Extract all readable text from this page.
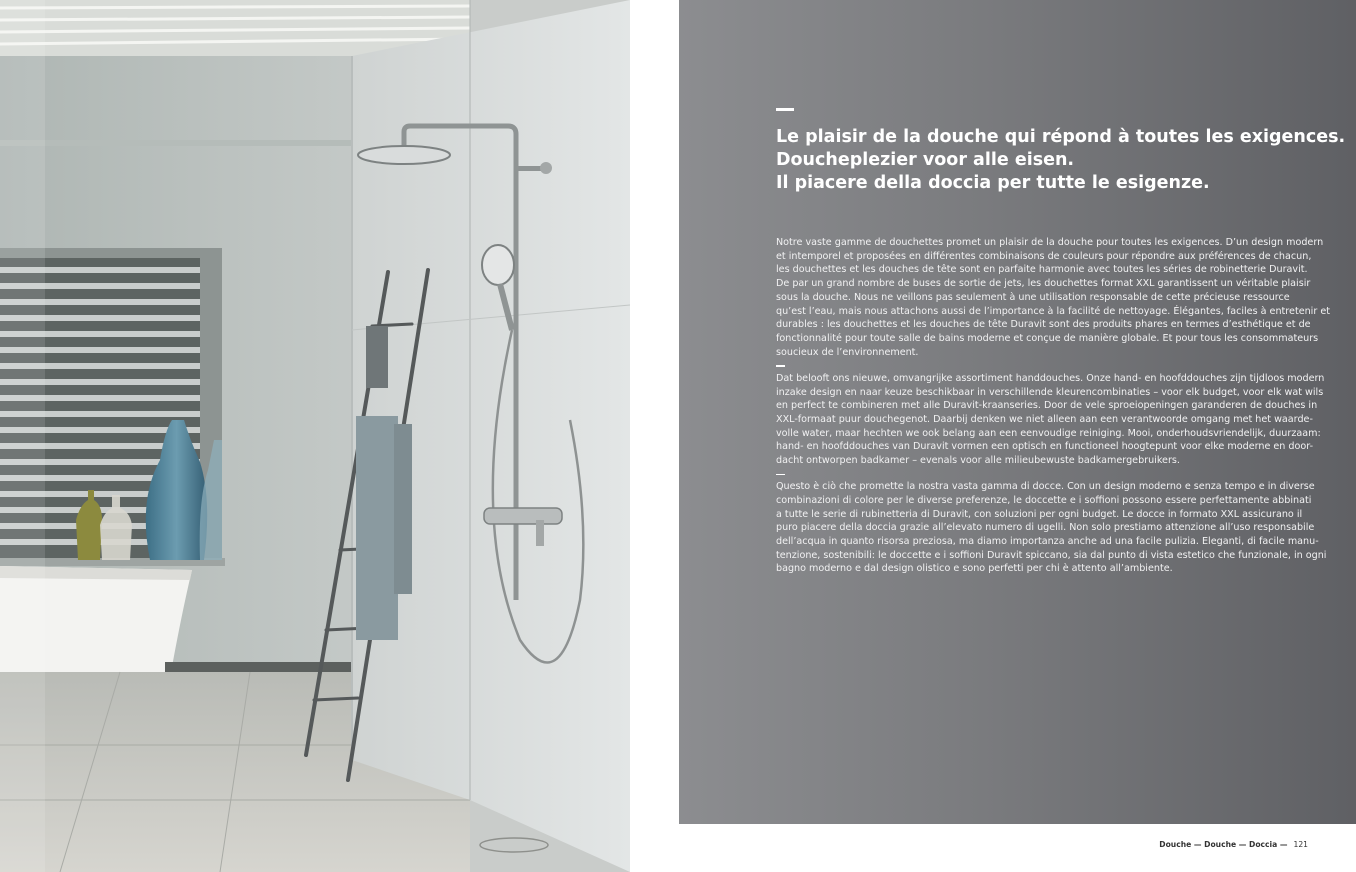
Le plaisir de la douche qui répond à toutes les exigences.
Doucheplezier voor alle eisen.
Il piacere della doccia per tutte le esigenze.
Notre vaste gamme de douchettes promet un plaisir de la douche pour toutes les exigences. D’un design modern
et intemporel et proposées en différentes combinaisons de couleurs pour répondre aux préférences de chacun,
les douchettes et les douches de tête sont en parfaite harmonie avec toutes les séries de robinetterie Duravit.
De par un grand nombre de buses de sortie de jets, les douchettes format XXL garantissent un véritable plaisir
sous la douche. Nous ne veillons pas seulement à une utilisation responsable de cette précieuse ressource
qu’est l’eau, mais nous attachons aussi de l’importance à la facilité de nettoyage. Élégantes, faciles à entretenir et
durables : les douchettes et les douches de tête Duravit sont des produits phares en termes d’esthétique et de
fonctionnalité pour toute salle de bains moderne et conçue de manière globale. Et pour tous les consommateurs
soucieux de l’environnement.
Dat belooft ons nieuwe, omvangrijke assortiment handdouches. Onze hand- en hoofddouches zijn tijdloos modern
inzake design en naar keuze beschikbaar in verschillende kleurencombinaties – voor elk budget, voor elk wat wils
en perfect te combineren met alle Duravit-kraanseries. Door de vele sproeiopeningen garanderen de douches in
XXL-formaat puur douchegenot. Daarbij denken we niet alleen aan een verantwoorde omgang met het waarde-
volle water, maar hechten we ook belang aan een eenvoudige reiniging. Mooi, onderhoudsvriendelijk, duurzaam:
hand- en hoofddouches van Duravit vormen een optisch en functioneel hoogtepunt voor elke moderne en door-
dacht ontworpen badkamer – evenals voor alle milieubewuste badkamergebruikers.
Questo è ciò che promette la nostra vasta gamma di docce. Con un design moderno e senza tempo e in diverse
combinazioni di colore per le diverse preferenze, le doccette e i soffioni possono essere perfettamente abbinati
a tutte le serie di rubinetteria di Duravit, con soluzioni per ogni budget. Le docce in formato XXL assicurano il
puro piacere della doccia grazie all’elevato numero di ugelli. Non solo prestiamo attenzione all’uso responsabile
dell’acqua in quanto risorsa preziosa, ma diamo importanza anche ad una facile pulizia. Eleganti, di facile manu-
tenzione, sostenibili: le doccette e i soffioni Duravit spiccano, sia dal punto di vista estetico che funzionale, in ogni
bagno moderno e dal design olistico e sono perfetti per chi è attento all’ambiente.
Douche — Douche — Doccia — 121
